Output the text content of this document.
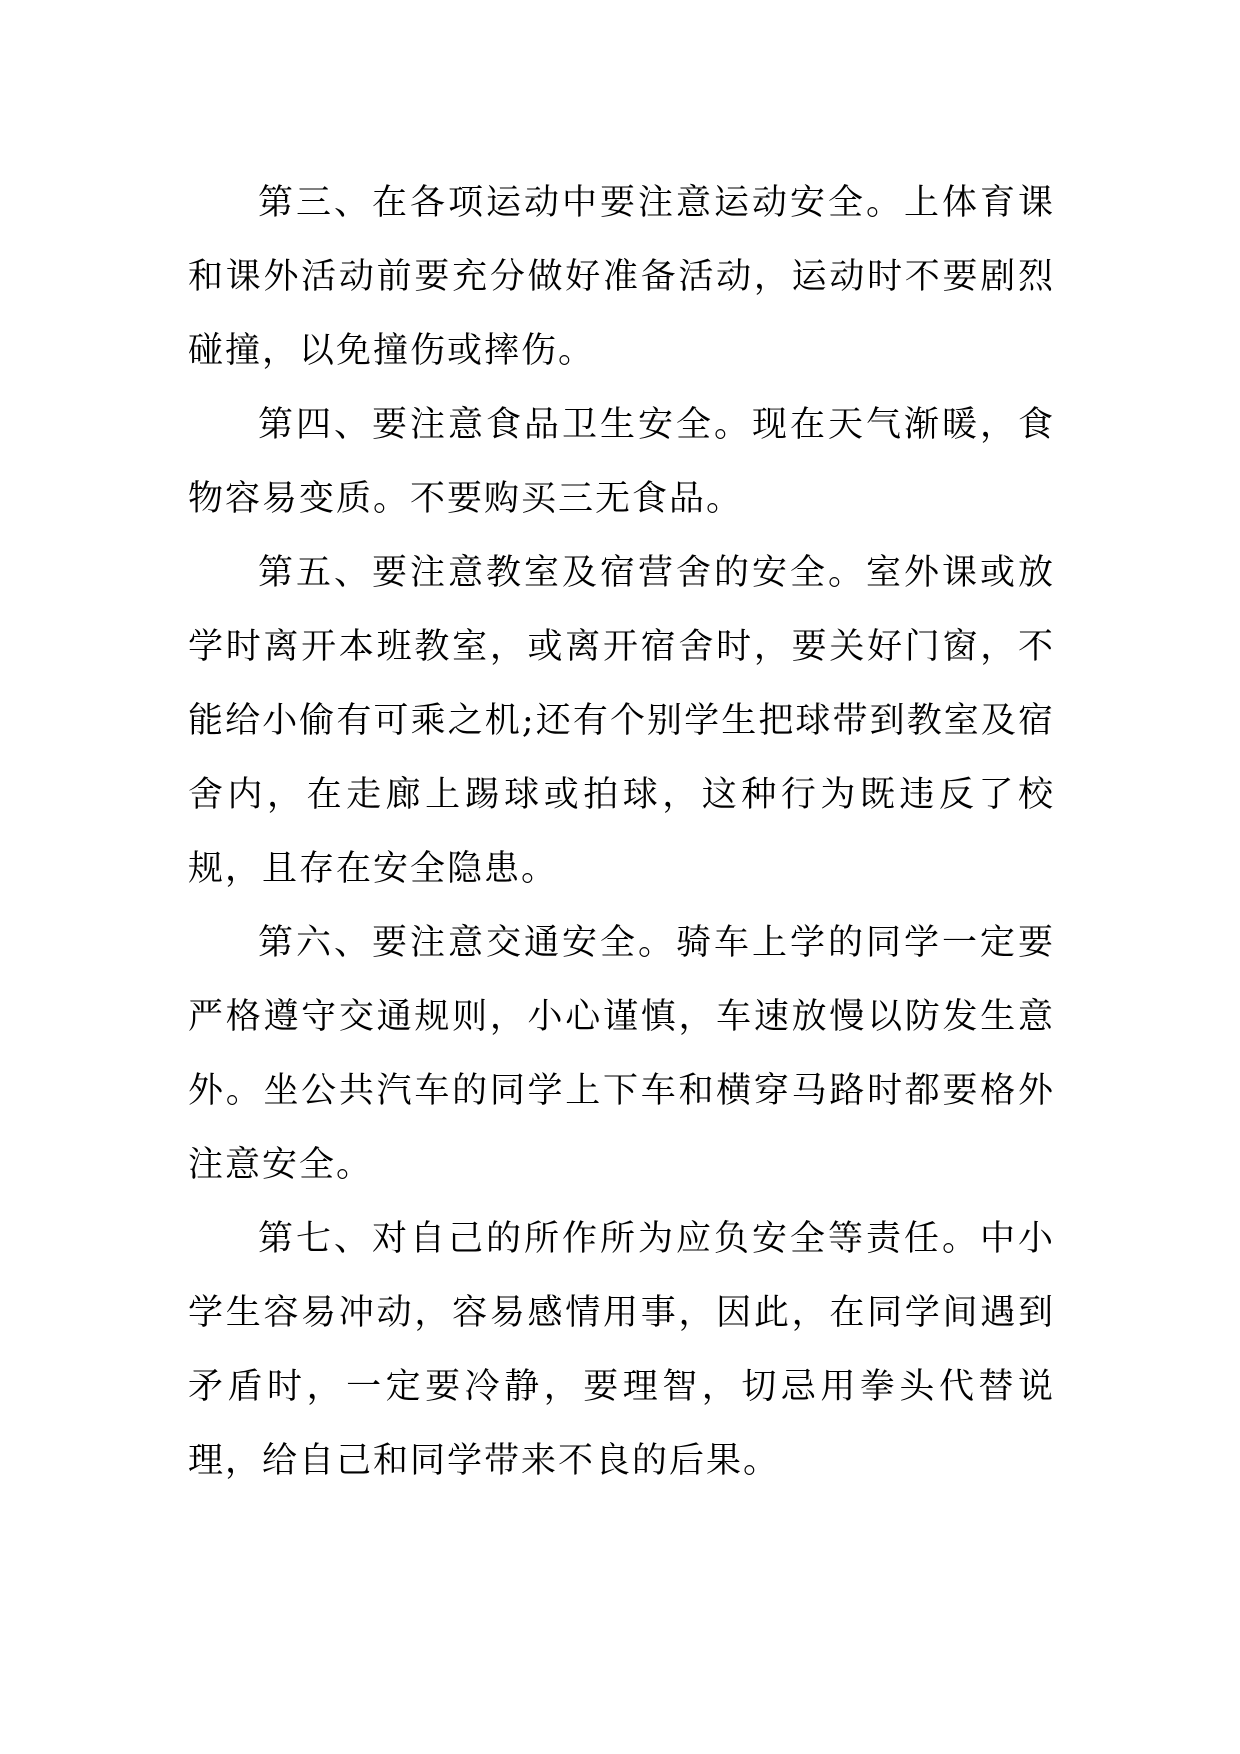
第三、在各项运动中要注意运动安全。上体育课和课外活动前要充分做好准备活动，运动时不要剧烈碰撞，以免撞伤或摔伤。

第四、要注意食品卫生安全。现在天气渐暖，食物容易变质。不要购买三无食品。

第五、要注意教室及宿营舍的安全。室外课或放学时离开本班教室，或离开宿舍时，要关好门窗，不能给小偷有可乘之机;还有个别学生把球带到教室及宿舍内，在走廊上踢球或拍球，这种行为既违反了校规，且存在安全隐患。

第六、要注意交通安全。骑车上学的同学一定要严格遵守交通规则，小心谨慎，车速放慢以防发生意外。坐公共汽车的同学上下车和横穿马路时都要格外注意安全。

第七、对自己的所作所为应负安全等责任。中小学生容易冲动，容易感情用事，因此，在同学间遇到矛盾时，一定要冷静，要理智，切忌用拳头代替说理，给自己和同学带来不良的后果。
